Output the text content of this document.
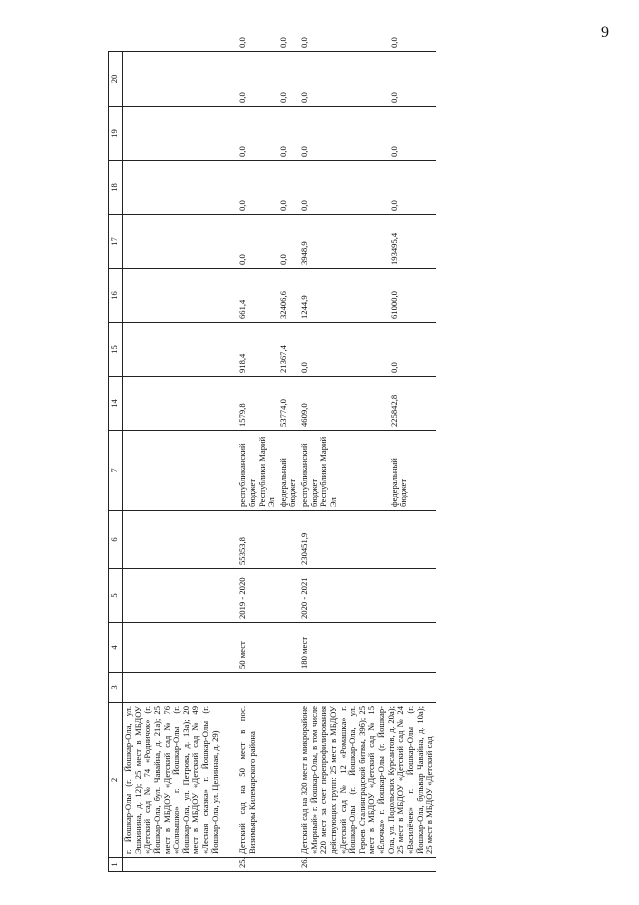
9
1	2	3	4	5	6	7	14	15	16	17	18	19	20	
	г. Йошкар-Олы (г. Йошкар-Ола, ул. Эшкинина, д. 12); 25 мест в МБДОУ «Детский сад № 74 «Родничок» (г. Йошкар-Ола, бул. Чавайна, д. 21а); 25 мест в МБДОУ «Детский сад № 76 «Солнышко» г. Йошкар-Олы (г. Йошкар-Ола, ул. Петрова, д. 13а); 20 мест в МБДОУ «Детский сад № 49 «Лесная сказка» г. Йошкар-Олы (г. Йошкар-Ола, ул. Целинная, д. 29)													

25.	Детский сад на 50 мест в пос. Визимьяры Килемарского района		50 мест	2019 - 2020	55353,8	республиканский бюджет Республики Марий Эл	1579,8	918,4	661,4	0,0	0,0	0,0	0,0	0,0
						федеральный бюджет	53774,0	21367,4	32406,6	0,0	0,0	0,0	0,0	0,0
26.	Детский сад на 320 мест в микрорайоне «Мирный» г. Йошкар-Олы, в том числе 220 мест за счет перепрофилирования действующих групп: 25 мест в МБДОУ «Детский сад № 12 «Ромашка» г. Йошкар-Олы (г. Йошкар-Ола, ул. Героев Сталинградской битвы, 39б); 25 мест в МБДОУ «Детский сад № 15 «Ёлочка» г. Йошкар-Олы (г. Йошкар-Ола, ул. Подольских Курсантов, д. 20а); 25 мест в МБДОУ «Детский сад № 24 «Василёчек» г. Йошкар-Олы (г. Йошкар-Ола, бульвар Чавайна, д. 10а); 25 мест в МБДОУ «Детский сад		180 мест	2020 - 2021	230451,9	республиканский бюджет Республики Марий Эл	4609,0	0,0	1244,9	3948,9	0,0	0,0	0,0	0,0
						федеральный бюджет	225842,8	0,0	61000,0	193495,4	0,0	0,0	0,0	0,0
